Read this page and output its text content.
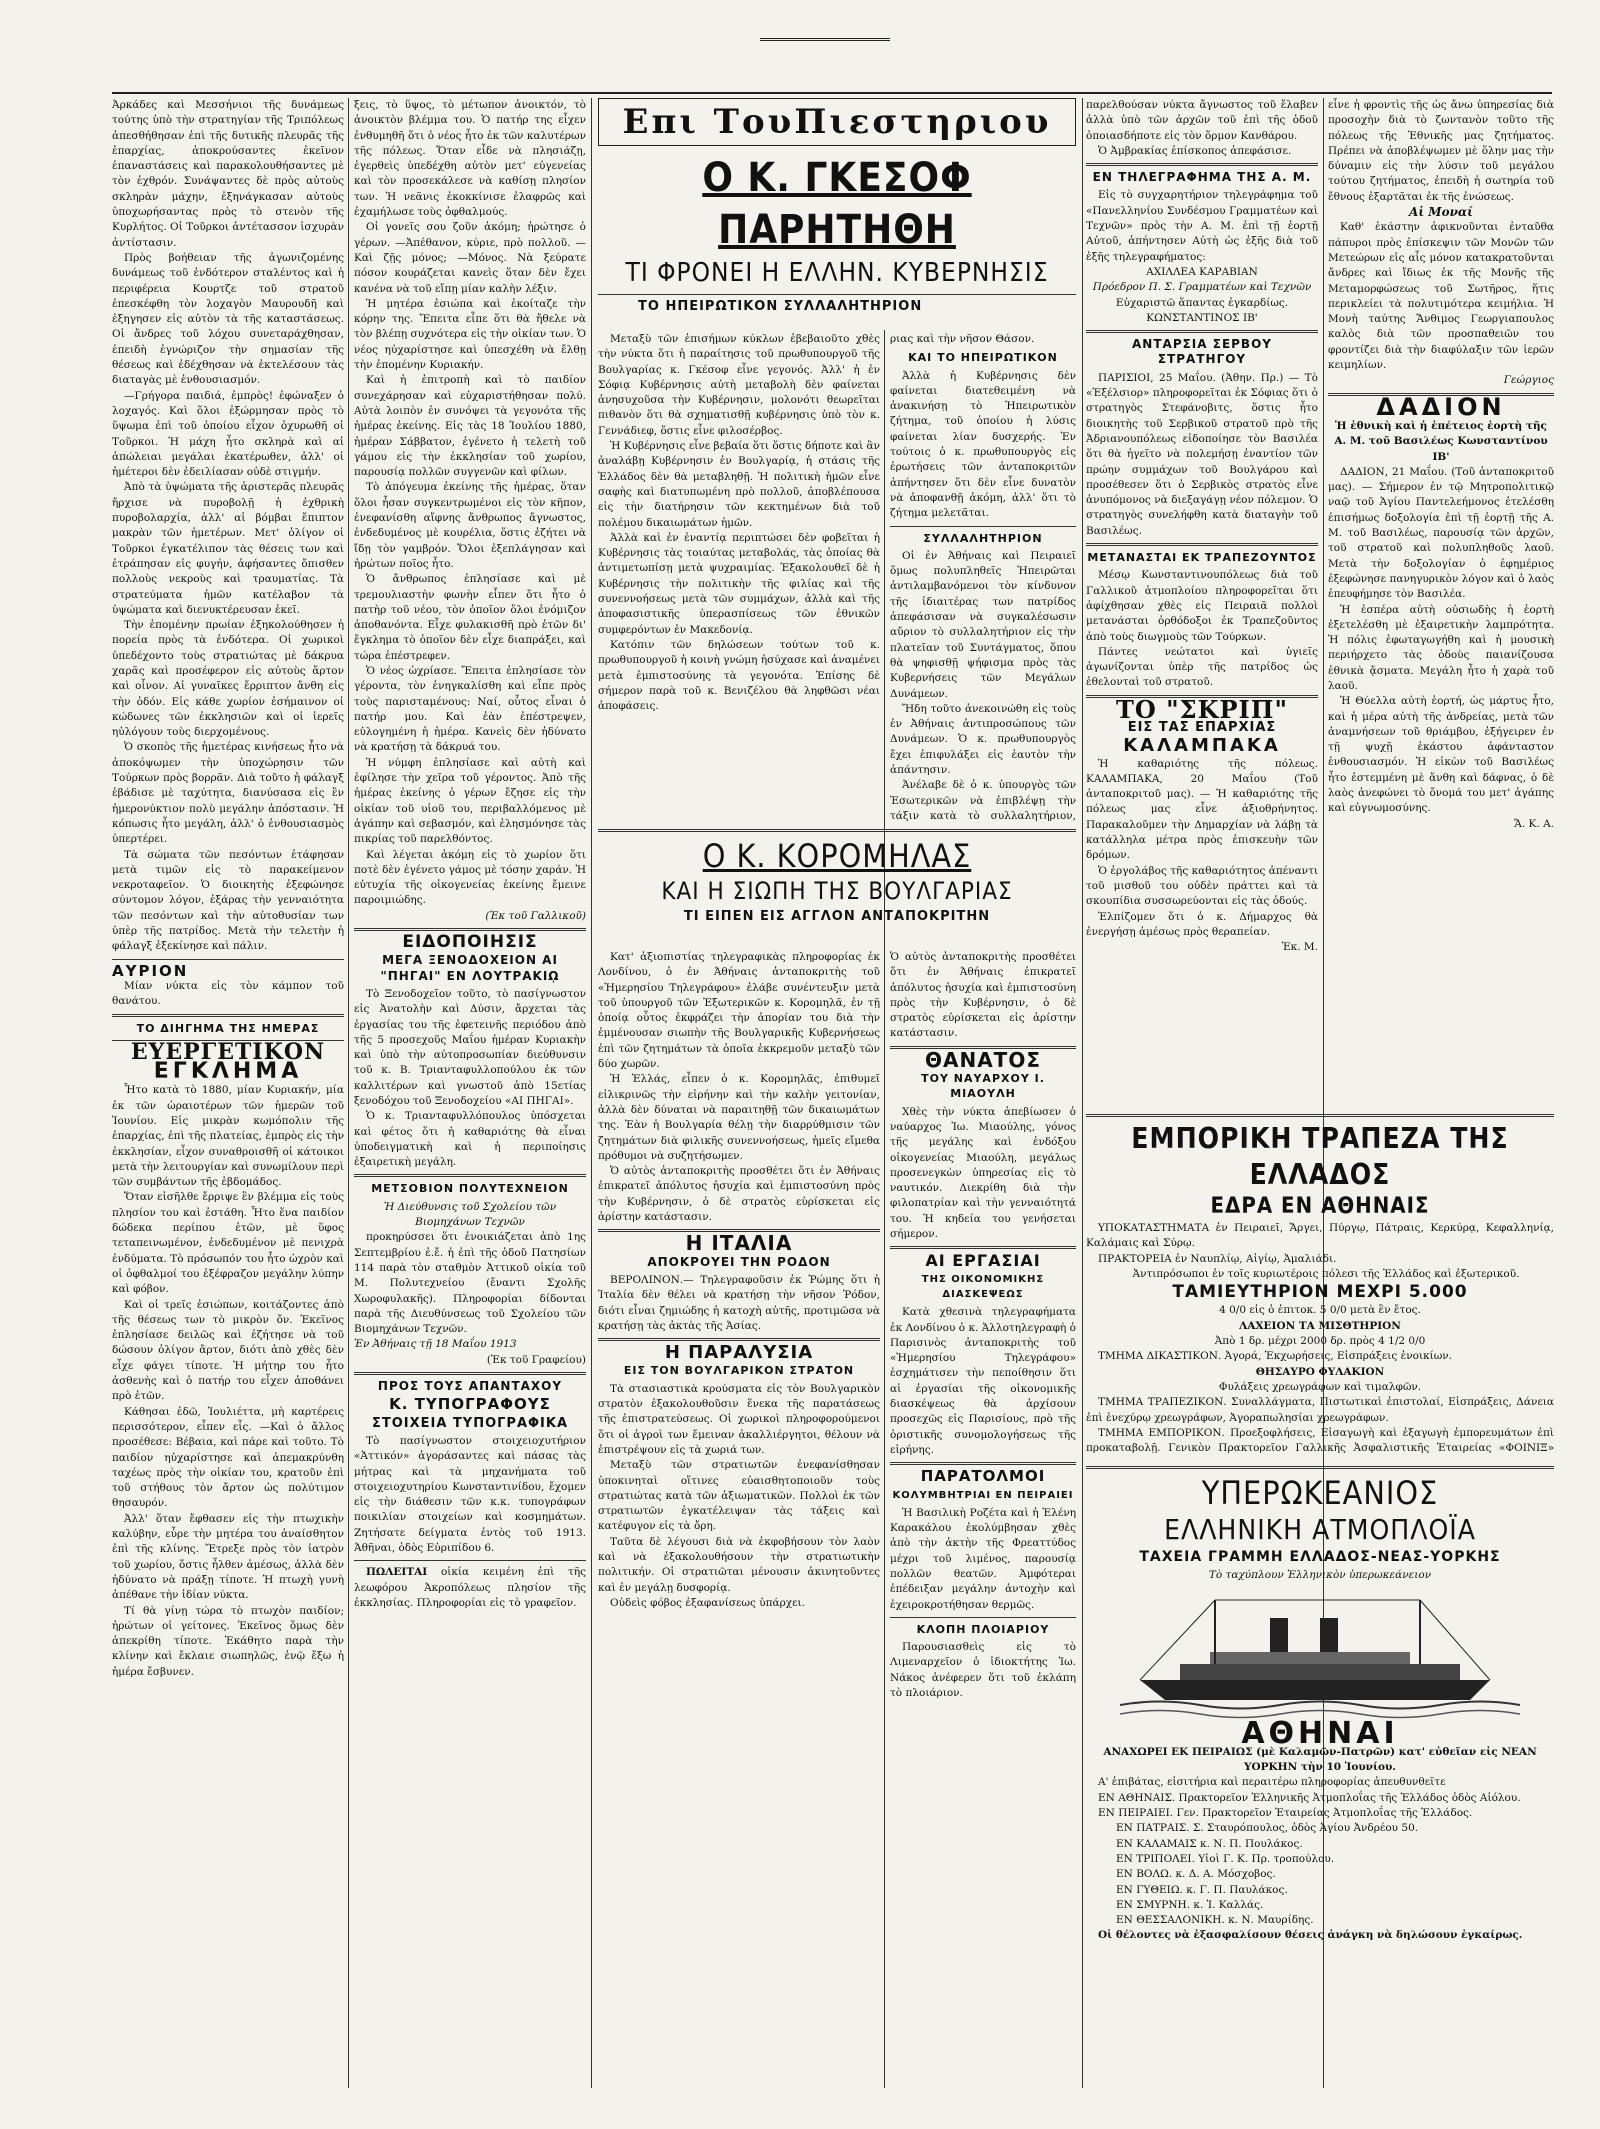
Ἀρκάδες καὶ Μεσσήνιοι τῆς δυνάμεως τούτης ὑπὸ τὴν στρατηγίαν τῆς Τριπόλεως ἀπεσθήθησαν ἐπὶ τῆς δυτικῆς πλευρᾶς τῆς ἐπαρχίας, ἀποκρούσαντες ἐκεῖνον ἐπαναστάσεις καὶ παρακολουθήσαντες μὲ τὸν ἐχθρόν. Συνάψαντες δὲ πρὸς αὐτοὺς σκληρὰν μάχην, ἐξηνάγκασαν αὐτοὺς ὑποχωρήσαντας πρὸς τὸ στενὸν τῆς Κυρλήτος. Οἱ Τοῦρκοι ἀντέτασσον ἰσχυρὰν ἀντίστασιν.

Πρὸς βοήθειαν τῆς ἀγωνιζομένης δυνάμεως τοῦ ἐνδότερον σταλέντος καὶ ἡ περιφέρεια Κουρτζε τοῦ στρατοῦ ἐπεσκέφθη τὸν λοχαγὸν Μαυρουδῆ καὶ ἐξηγησεν εἰς αὐτὸν τὰ τῆς καταστάσεως. Οἱ ἄνδρες τοῦ λόχου συνεταράχθησαν, ἐπειδὴ ἐγνώριζον τὴν σημασίαν τῆς θέσεως καὶ ἐδέχθησαν νὰ ἐκτελέσουν τὰς διαταγὰς μὲ ἐνθουσιασμόν.

—Γρήγορα παιδιά, ἐμπρὸς! ἐφώναξεν ὁ λοχαγός. Καὶ ὅλοι ἐξώρμησαν πρὸς τὸ ὕψωμα ἐπὶ τοῦ ὁποίου εἶχον ὀχυρωθῆ οἱ Τοῦρκοι. Ἡ μάχη ἦτο σκληρὰ καὶ αἱ ἀπώλειαι μεγάλαι ἑκατέρωθεν, ἀλλ' οἱ ἡμέτεροι δὲν ἐδειλίασαν οὐδὲ στιγμήν.

Ἀπὸ τὰ ὑψώματα τῆς ἀριστερᾶς πλευρᾶς ἤρχισε νὰ πυροβολῇ ἡ ἐχθρικὴ πυροβολαρχία, ἀλλ' αἱ βόμβαι ἔπιπτον μακρὰν τῶν ἡμετέρων. Μετ' ὀλίγον οἱ Τοῦρκοι ἐγκατέλιπον τὰς θέσεις των καὶ ἐτράπησαν εἰς φυγήν, ἀφήσαντες ὄπισθεν πολλοὺς νεκροὺς καὶ τραυματίας. Τὰ στρατεύματα ἡμῶν κατέλαβον τὰ ὑψώματα καὶ διενυκτέρευσαν ἐκεῖ.

Τὴν ἑπομένην πρωίαν ἐξηκολούθησεν ἡ πορεία πρὸς τὰ ἐνδότερα. Οἱ χωρικοὶ ὑπεδέχοντο τοὺς στρατιώτας μὲ δάκρυα χαρᾶς καὶ προσέφερον εἰς αὐτοὺς ἄρτον καὶ οἶνον. Αἱ γυναῖκες ἔρριπτον ἄνθη εἰς τὴν ὁδόν. Εἰς κάθε χωρίον ἐσήμαινον οἱ κώδωνες τῶν ἐκκλησιῶν καὶ οἱ ἱερεῖς ηὐλόγουν τοὺς διερχομένους.

Ὁ σκοπὸς τῆς ἡμετέρας κινήσεως ἦτο νὰ ἀποκόψωμεν τὴν ὑποχώρησιν τῶν Τούρκων πρὸς βορρᾶν. Διὰ τοῦτο ἡ φάλαγξ ἐβάδισε μὲ ταχύτητα, διανύσασα εἰς ἓν ἡμερονύκτιον πολὺ μεγάλην ἀπόστασιν. Ἡ κόπωσις ἦτο μεγάλη, ἀλλ' ὁ ἐνθουσιασμὸς ὑπερτέρει.

Τὰ σώματα τῶν πεσόντων ἐτάφησαν μετὰ τιμῶν εἰς τὸ παρακείμενον νεκροταφεῖον. Ὁ διοικητὴς ἐξεφώνησε σύντομον λόγον, ἐξάρας τὴν γενναιότητα τῶν πεσόντων καὶ τὴν αὐτοθυσίαν των ὑπὲρ τῆς πατρίδος. Μετὰ τὴν τελετὴν ἡ φάλαγξ ἐξεκίνησε καὶ πάλιν.

ΑΥΡΙΟΝ

Μίαν νύκτα εἰς τὸν κάμπον τοῦ θανάτου.

ΤΟ ΔΙΗΓΗΜΑ ΤΗΣ ΗΜΕΡΑΣ
ΕΥΕΡΓΕΤΙΚΟΝ
ΕΓΚΛΗΜΑ

Ἦτο κατὰ τὸ 1880, μίαν Κυριακήν, μία ἐκ τῶν ὡραιοτέρων τῶν ἡμερῶν τοῦ Ἰουνίου. Εἰς μικρὰν κωμόπολιν τῆς ἐπαρχίας, ἐπὶ τῆς πλατείας, ἐμπρὸς εἰς τὴν ἐκκλησίαν, εἶχον συναθροισθῆ οἱ κάτοικοι μετὰ τὴν λειτουργίαν καὶ συνωμίλουν περὶ τῶν συμβάντων τῆς ἑβδομάδος.

Ὅταν εἰσῆλθε ἔρριψε ἓν βλέμμα εἰς τοὺς πλησίον του καὶ ἐστάθη. Ἦτο ἕνα παιδίον δώδεκα περίπου ἐτῶν, μὲ ὕφος τεταπεινωμένον, ἐνδεδυμένον μὲ πενιχρὰ ἐνδύματα. Τὸ πρόσωπόν του ἦτο ὠχρὸν καὶ οἱ ὀφθαλμοί του ἐξέφραζον μεγάλην λύπην καὶ φόβον.

Καὶ οἱ τρεῖς ἐσιώπων, κοιτάζοντες ἀπὸ τῆς θέσεως των τὸ μικρὸν ὄν. Ἐκεῖνος ἐπλησίασε δειλῶς καὶ ἐζήτησε νὰ τοῦ δώσουν ὀλίγον ἄρτον, διότι ἀπὸ χθὲς δὲν εἶχε φάγει τίποτε. Ἡ μήτηρ του ἦτο ἀσθενὴς καὶ ὁ πατήρ του εἶχεν ἀποθάνει πρὸ ἐτῶν.

Κάθησαι ἐδῶ, Ἰουλιέττα, μὴ καρτέρεις περισσότερον, εἶπεν εἷς. —Καὶ ὁ ἄλλος προσέθεσε: Βέβαια, καὶ πάρε καὶ τοῦτο. Τὸ παιδίον ηὐχαρίστησε καὶ ἀπεμακρύνθη ταχέως πρὸς τὴν οἰκίαν του, κρατοῦν ἐπὶ τοῦ στήθους τὸν ἄρτον ὡς πολύτιμον θησαυρόν.

Ἀλλ' ὅταν ἔφθασεν εἰς τὴν πτωχικὴν καλύβην, εὗρε τὴν μητέρα του ἀναίσθητον ἐπὶ τῆς κλίνης. Ἔτρεξε πρὸς τὸν ἰατρὸν τοῦ χωρίου, ὅστις ἦλθεν ἀμέσως, ἀλλὰ δὲν ἠδύνατο νὰ πράξῃ τίποτε. Ἡ πτωχὴ γυνὴ ἀπέθανε τὴν ἰδίαν νύκτα.

Τί θὰ γίνῃ τώρα τὸ πτωχὸν παιδίον; ἠρώτων οἱ γείτονες. Ἐκεῖνος ὅμως δὲν ἀπεκρίθη τίποτε. Ἐκάθητο παρὰ τὴν κλίνην καὶ ἔκλαιε σιωπηλῶς, ἐνῷ ἔξω ἡ ἡμέρα ἔσβυνεν.

ξεις, τὸ ὕψος, τὸ μέτωπον ἀνοικτόν, τὸ ἀνοικτὸν βλέμμα του. Ὁ πατήρ της εἶχεν ἐνθυμηθῆ ὅτι ὁ νέος ἦτο ἐκ τῶν καλυτέρων τῆς πόλεως. Ὅταν εἶδε νὰ πλησιάζῃ, ἐγερθεὶς ὑπεδέχθη αὐτὸν μετ' εὐγενείας καὶ τὸν προσεκάλεσε νὰ καθίσῃ πλησίον των. Ἡ νεᾶνις ἐκοκκίνισε ἐλαφρῶς καὶ ἐχαμήλωσε τοὺς ὀφθαλμούς.

Οἱ γονεῖς σου ζοῦν ἀκόμη; ἠρώτησε ὁ γέρων. —Ἀπέθανον, κύριε, πρὸ πολλοῦ. —Καὶ ζῇς μόνος; —Μόνος. Νὰ ξεύρατε πόσον κουράζεται κανεὶς ὅταν δὲν ἔχει κανένα νὰ τοῦ εἴπῃ μίαν καλὴν λέξιν.

Ἡ μητέρα ἐσιώπα καὶ ἐκοίταζε τὴν κόρην της. Ἔπειτα εἶπε ὅτι θὰ ἤθελε νὰ τὸν βλέπῃ συχνότερα εἰς τὴν οἰκίαν των. Ὁ νέος ηὐχαρίστησε καὶ ὑπεσχέθη νὰ ἔλθῃ τὴν ἐπομένην Κυριακήν.

Καὶ ἡ ἐπιτροπὴ καὶ τὸ παιδίον συνεχάρησαν καὶ εὐχαριστήθησαν πολύ. Αὐτὰ λοιπὸν ἐν συνόψει τὰ γεγονότα τῆς ἡμέρας ἐκείνης. Εἰς τὰς 18 Ἰουλίου 1880, ἡμέραν Σάββατον, ἐγένετο ἡ τελετὴ τοῦ γάμου εἰς τὴν ἐκκλησίαν τοῦ χωρίου, παρουσίᾳ πολλῶν συγγενῶν καὶ φίλων.

Τὸ ἀπόγευμα ἐκείνης τῆς ἡμέρας, ὅταν ὅλοι ἦσαν συγκεντρωμένοι εἰς τὸν κῆπον, ἐνεφανίσθη αἴφνης ἄνθρωπος ἄγνωστος, ἐνδεδυμένος μὲ κουρέλια, ὅστις ἐζήτει νὰ ἴδῃ τὸν γαμβρόν. Ὅλοι ἐξεπλάγησαν καὶ ἠρώτων ποῖος ἦτο.

Ὁ ἄνθρωπος ἐπλησίασε καὶ μὲ τρεμουλιαστὴν φωνὴν εἶπεν ὅτι ἦτο ὁ πατὴρ τοῦ νέου, τὸν ὁποῖον ὅλοι ἐνόμιζον ἀποθανόντα. Εἶχε φυλακισθῆ πρὸ ἐτῶν δι' ἔγκλημα τὸ ὁποῖον δὲν εἶχε διαπράξει, καὶ τώρα ἐπέστρεφεν.

Ὁ νέος ὠχρίασε. Ἔπειτα ἐπλησίασε τὸν γέροντα, τὸν ἐνηγκαλίσθη καὶ εἶπε πρὸς τοὺς παρισταμένους: Ναί, οὗτος εἶναι ὁ πατήρ μου. Καὶ ἐὰν ἐπέστρεψεν, εὐλογημένη ἡ ἡμέρα. Κανεὶς δὲν ἠδύνατο νὰ κρατήσῃ τὰ δάκρυά του.

Ἡ νύμφη ἐπλησίασε καὶ αὐτὴ καὶ ἐφίλησε τὴν χεῖρα τοῦ γέροντος. Ἀπὸ τῆς ἡμέρας ἐκείνης ὁ γέρων ἔζησε εἰς τὴν οἰκίαν τοῦ υἱοῦ του, περιβαλλόμενος μὲ ἀγάπην καὶ σεβασμόν, καὶ ἐλησμόνησε τὰς πικρίας τοῦ παρελθόντος.

Καὶ λέγεται ἀκόμη εἰς τὸ χωρίον ὅτι ποτὲ δὲν ἐγένετο γάμος μὲ τόσην χαράν. Ἡ εὐτυχία τῆς οἰκογενείας ἐκείνης ἔμεινε παροιμιώδης.

(Ἐκ τοῦ Γαλλικοῦ)
ΕΙΔΟΠΟΙΗΣΙΣ
ΜΕΓΑ ΞΕΝΟΔΟΧΕΙΟΝ ΑΙ "ΠΗΓΑΙ" ΕΝ ΛΟΥΤΡΑΚΙῼ

Τὸ Ξενοδοχεῖον τοῦτο, τὸ πασίγνωστον εἰς Ἀνατολὴν καὶ Δύσιν, ἄρχεται τὰς ἐργασίας του τῆς ἐφετεινῆς περιόδου ἀπὸ τῆς 5 προσεχοῦς Μαΐου ἡμέραν Κυριακὴν καὶ ὑπὸ τὴν αὐτοπροσωπίαν διεύθυνσιν τοῦ κ. Β. Τριανταφυλλοπούλου ἐκ τῶν καλλιτέρων καὶ γνωστοῦ ἀπὸ 15ετίας ξενοδόχου τοῦ Ξενοδοχείου «ΑΙ ΠΗΓΑΙ».

Ὁ κ. Τριανταφυλλόπουλος ὑπόσχεται καὶ φέτος ὅτι ἡ καθαριότης θὰ εἶναι ὑποδειγματικὴ καὶ ἡ περιποίησις ἐξαιρετικὴ μεγάλη.

ΜΕΤΣΟΒΙΟΝ ΠΟΛΥΤΕΧΝΕΙΟΝ
Ἡ Διεύθυνσις τοῦ Σχολείου τῶν Βιομηχάνων Τεχνῶν

προκηρύσσει ὅτι ἐνοικιάζεται ἀπὸ 1ης Σεπτεμβρίου ἐ.ἔ. ἡ ἐπὶ τῆς ὁδοῦ Πατησίων 114 παρὰ τὸν σταθμὸν Ἀττικοῦ οἰκία τοῦ Μ. Πολυτεχνείου (ἔναντι Σχολῆς Χωροφυλακῆς). Πληροφορίαι δίδονται παρὰ τῆς Διευθύνσεως τοῦ Σχολείου τῶν Βιομηχάνων Τεχνῶν.

Ἐν Ἀθήναις τῇ 18 Μαΐου 1913
(Ἐκ τοῦ Γραφείου)
ΠΡΟΣ ΤΟΥΣ ΑΠΑΝΤΑΧΟΥ
Κ. ΤΥΠΟΓΡΑΦΟΥΣ
ΣΤΟΙΧΕΙΑ ΤΥΠΟΓΡΑΦΙΚΑ

Τὸ πασίγνωστον στοιχειοχυτήριον «Ἀττικόν» ἀγοράσαντες καὶ πάσας τὰς μήτρας καὶ τὰ μηχανήματα τοῦ στοιχειοχυτηρίου Κωνσταντινίδου, ἔχομεν εἰς τὴν διάθεσιν τῶν κ.κ. τυπογράφων ποικιλίαν στοιχείων καὶ κοσμημάτων. Ζητήσατε δείγματα ἐντὸς τοῦ 1913. Ἀθῆναι, ὁδὸς Εὐριπίδου 6.

ΠΩΛΕΙΤΑΙ οἰκία κειμένη ἐπὶ τῆς λεωφόρου Ἀκροπόλεως πλησίον τῆς ἐκκλησίας. Πληροφορίαι εἰς τὸ γραφεῖον.

Επι ΤουΠιεστηριου
Ο Κ. ΓΚΕΣΟΦ ΠΑΡΗΤΗΘΗ
ΤΙ ΦΡΟΝΕΙ Η ΕΛΛΗΝ. ΚΥΒΕΡΝΗΣΙΣ
ΤΟ ΗΠΕΙΡΩΤΙΚΟΝ ΣΥΛΛΑΛΗΤΗΡΙΟΝ

Μεταξὺ τῶν ἐπισήμων κύκλων ἐβεβαιοῦτο χθὲς τὴν νύκτα ὅτι ἡ παραίτησις τοῦ πρωθυπουργοῦ τῆς Βουλγαρίας κ. Γκέσοφ εἶνε γεγονός. Ἀλλ' ἡ ἐν Σόφιᾳ Κυβέρνησις αὐτὴ μεταβολὴ δὲν φαίνεται ἀνησυχοῦσα τὴν Κυβέρνησιν, μολονότι θεωρεῖται πιθανὸν ὅτι θὰ σχηματισθῇ κυβέρνησις ὑπὸ τὸν κ. Γεννάδιεφ, ὅστις εἶνε φιλοσέρβος.

Ἡ Κυβέρνησις εἶνε βεβαία ὅτι ὅστις δήποτε καὶ ἂν ἀναλάβῃ Κυβέρνησιν ἐν Βουλγαρίᾳ, ἡ στάσις τῆς Ἑλλάδος δὲν θὰ μεταβληθῇ. Ἡ πολιτικὴ ἡμῶν εἶνε σαφὴς καὶ διατυπωμένη πρὸ πολλοῦ, ἀποβλέπουσα εἰς τὴν διατήρησιν τῶν κεκτημένων διὰ τοῦ πολέμου δικαιωμάτων ἡμῶν.

Ἀλλὰ καὶ ἐν ἐναντίᾳ περιπτώσει δὲν φοβεῖται ἡ Κυβέρνησις τὰς τοιαύτας μεταβολάς, τὰς ὁποίας θὰ ἀντιμετωπίσῃ μετὰ ψυχραιμίας. Ἐξακολουθεῖ δὲ ἡ Κυβέρνησις τὴν πολιτικὴν τῆς φιλίας καὶ τῆς συνεννοήσεως μετὰ τῶν συμμάχων, ἀλλὰ καὶ τῆς ἀποφασιστικῆς ὑπερασπίσεως τῶν ἐθνικῶν συμφερόντων ἐν Μακεδονίᾳ.

Κατόπιν τῶν δηλώσεων τούτων τοῦ κ. πρωθυπουργοῦ ἡ κοινὴ γνώμη ἠσύχασε καὶ ἀναμένει μετὰ ἐμπιστοσύνης τὰ γεγονότα. Ἐπίσης δὲ σήμερον παρὰ τοῦ κ. Βενιζέλου θὰ ληφθῶσι νέαι ἀποφάσεις.

Ο Κ. ΚΟΡΟΜΗΛΑΣ
ΚΑΙ Η ΣΙΩΠΗ ΤΗΣ ΒΟΥΛΓΑΡΙΑΣ
ΤΙ ΕΙΠΕΝ ΕΙΣ ΑΓΓΛΟΝ ΑΝΤΑΠΟΚΡΙΤΗΝ

Κατ' ἀξιοπιστίας τηλεγραφικὰς πληροφορίας ἐκ Λονδίνου, ὁ ἐν Ἀθήναις ἀνταποκριτὴς τοῦ «Ἡμερησίου Τηλεγράφου» ἐλάβε συνέντευξιν μετὰ τοῦ ὑπουργοῦ τῶν Ἐξωτερικῶν κ. Κορομηλᾶ, ἐν τῇ ὁποίᾳ οὗτος ἐκφράζει τὴν ἀπορίαν του διὰ τὴν ἐμμένουσαν σιωπὴν τῆς Βουλγαρικῆς Κυβερνήσεως ἐπὶ τῶν ζητημάτων τὰ ὁποῖα ἐκκρεμοῦν μεταξὺ τῶν δύο χωρῶν.

Ἡ Ἑλλάς, εἶπεν ὁ κ. Κορομηλᾶς, ἐπιθυμεῖ εἰλικρινῶς τὴν εἰρήνην καὶ τὴν καλὴν γειτονίαν, ἀλλὰ δὲν δύναται νὰ παραιτηθῇ τῶν δικαιωμάτων της. Ἐὰν ἡ Βουλγαρία θέλῃ τὴν διαρρύθμισιν τῶν ζητημάτων διὰ φιλικῆς συνεννοήσεως, ἡμεῖς εἴμεθα πρόθυμοι νὰ συζητήσωμεν.

Ὁ αὐτὸς ἀνταποκριτὴς προσθέτει ὅτι ἐν Ἀθήναις ἐπικρατεῖ ἀπόλυτος ἡσυχία καὶ ἐμπιστοσύνη πρὸς τὴν Κυβέρνησιν, ὁ δὲ στρατὸς εὑρίσκεται εἰς ἀρίστην κατάστασιν.

Η ΙΤΑΛΙΑ
ΑΠΟΚΡΟΥΕΙ ΤΗΝ ΡΟΔΟΝ

ΒΕΡΟΛΙΝΟΝ.— Τηλεγραφοῦσιν ἐκ Ῥώμης ὅτι ἡ Ἰταλία δὲν θέλει νὰ κρατήσῃ τὴν νῆσον Ῥόδον, διότι εἶναι ζημιώδης ἡ κατοχὴ αὐτῆς, προτιμῶσα νὰ κρατήσῃ τὰς ἀκτὰς τῆς Ἀσίας.

Η ΠΑΡΑΛΥΣΙΑ
ΕΙΣ ΤΟΝ ΒΟΥΛΓΑΡΙΚΟΝ ΣΤΡΑΤΟΝ

Τὰ στασιαστικὰ κρούσματα εἰς τὸν Βουλγαρικὸν στρατὸν ἐξακολουθοῦσιν ἕνεκα τῆς παρατάσεως τῆς ἐπιστρατεύσεως. Οἱ χωρικοὶ πληροφορούμενοι ὅτι οἱ ἀγροὶ των ἔμειναν ἀκαλλιέργητοι, θέλουν νὰ ἐπιστρέψουν εἰς τὰ χωριά των.

Μεταξὺ τῶν στρατιωτῶν ἐνεφανίσθησαν ὑποκινηταὶ οἵτινες εὐαισθητοποιοῦν τοὺς στρατιώτας κατὰ τῶν ἀξιωματικῶν. Πολλοὶ ἐκ τῶν στρατιωτῶν ἐγκατέλειψαν τὰς τάξεις καὶ κατέφυγον εἰς τὰ ὄρη.

Ταῦτα δὲ λέγουσι διὰ νὰ ἐκφοβήσουν τὸν λαὸν καὶ νὰ ἐξακολουθήσουν τὴν στρατιωτικὴν πολιτικήν. Οἱ στρατιῶται μένουσιν ἀκινητοῦντες καὶ ἐν μεγάλῃ δυσφορίᾳ.

Οὐδεὶς φόβος ἐξαφανίσεως ὑπάρχει.

ριας καὶ τὴν νῆσον Θάσον.

ΚΑΙ ΤΟ ΗΠΕΙΡΩΤΙΚΟΝ

Ἀλλὰ ἡ Κυβέρνησις δὲν φαίνεται διατεθειμένη νὰ ἀνακινήσῃ τὸ Ἠπειρωτικὸν ζήτημα, τοῦ ὁποίου ἡ λύσις φαίνεται λίαν δυσχερής. Ἐν τούτοις ὁ κ. πρωθυπουργὸς εἰς ἐρωτήσεις τῶν ἀνταποκριτῶν ἀπήντησεν ὅτι δὲν εἶνε δυνατὸν νὰ ἀποφανθῇ ἀκόμη, ἀλλ' ὅτι τὸ ζήτημα μελετᾶται.

ΣΥΛΛΑΛΗΤΗΡΙΟΝ

Οἱ ἐν Ἀθήναις καὶ Πειραιεῖ ὅμως πολυπληθεῖς Ἠπειρῶται ἀντιλαμβανόμενοι τὸν κίνδυνον τῆς ἰδιαιτέρας των πατρίδος ἀπεφάσισαν νὰ συγκαλέσωσιν αὔριον τὸ συλλαλητήριον εἰς τὴν πλατεῖαν τοῦ Συντάγματος, ὅπου θὰ ψηφισθῇ ψήφισμα πρὸς τὰς Κυβερνήσεις τῶν Μεγάλων Δυνάμεων.

Ἤδη τοῦτο ἀνεκοινώθη εἰς τοὺς ἐν Ἀθήναις ἀντιπροσώπους τῶν Δυνάμεων. Ὁ κ. πρωθυπουργὸς ἔχει ἐπιφυλάξει εἰς ἑαυτὸν τὴν ἀπάντησιν.

Ἀνέλαβε δὲ ὁ κ. ὑπουργὸς τῶν Ἐσωτερικῶν νὰ ἐπιβλέψῃ τὴν τάξιν κατὰ τὸ συλλαλητήριον,

Ὁ αὐτὸς ἀνταποκριτὴς προσθέτει ὅτι ἐν Ἀθήναις ἐπικρατεῖ ἀπόλυτος ἡσυχία καὶ ἐμπιστοσύνη πρὸς τὴν Κυβέρνησιν, ὁ δὲ στρατὸς εὑρίσκεται εἰς ἀρίστην κατάστασιν.

ΘΑΝΑΤΟΣ
ΤΟΥ ΝΑΥΑΡΧΟΥ Ι. ΜΙΑΟΥΛΗ

Χθὲς τὴν νύκτα ἀπεβίωσεν ὁ ναύαρχος Ἰω. Μιαούλης, γόνος τῆς μεγάλης καὶ ἐνδόξου οἰκογενείας Μιαούλη, μεγάλως προσενεγκὼν ὑπηρεσίας εἰς τὸ ναυτικόν. Διεκρίθη διὰ τὴν φιλοπατρίαν καὶ τὴν γενναιότητά του. Ἡ κηδεία του γενήσεται σήμερον.

ΑΙ ΕΡΓΑΣΙΑΙ
ΤΗΣ ΟΙΚΟΝΟΜΙΚΗΣ ΔΙΑΣΚΕΨΕΩΣ

Κατὰ χθεσινὰ τηλεγραφήματα ἐκ Λονδίνου ὁ κ. Ἀλλοτηλεγραφὴ ὁ Παρισινὸς ἀνταποκριτὴς τοῦ «Ἡμερησίου Τηλεγράφου» ἐσχημάτισεν τὴν πεποίθησιν ὅτι αἱ ἐργασίαι τῆς οἰκονομικῆς διασκέψεως θὰ ἀρχίσουν προσεχῶς εἰς Παρισίους, πρὸ τῆς ὁριστικῆς συνομολογήσεως τῆς εἰρήνης.

ΠΑΡΑΤΟΛΜΟΙ
ΚΟΛΥΜΒΗΤΡΙΑΙ ΕΝ ΠΕΙΡΑΙΕΙ

Ἡ Βασιλικὴ Ροζέτα καὶ ἡ Ἑλένη Καρακάλου ἐκολύμβησαν χθὲς ἀπὸ τὴν ἀκτὴν τῆς Φρεαττύδος μέχρι τοῦ λιμένος, παρουσίᾳ πολλῶν θεατῶν. Ἀμφότεραι ἐπέδειξαν μεγάλην ἀντοχὴν καὶ ἐχειροκροτήθησαν θερμῶς.

ΚΛΟΠΗ ΠΛΟΙΑΡΙΟΥ

Παρουσιασθεὶς εἰς τὸ Λιμεναρχεῖον ὁ ἰδιοκτήτης Ἰω. Νάκος ἀνέφερεν ὅτι τοῦ ἐκλάπη τὸ πλοιάριον.

παρελθούσαν νύκτα ἄγνωστος τοῦ ἔλαβεν ἀλλὰ ὑπὸ τῶν ἀρχῶν τοῦ ἐπὶ τῆς ὁδοῦ ὁποιασδήποτε εἰς τὸν ὅρμον Κανθάρου.

Ὁ Ἀμβρακίας ἐπίσκοπος ἀπεφάσισε.

ΕΝ ΤΗΛΕΓΡΑΦΗΜΑ ΤΗΣ Α. Μ.

Εἰς τὸ συγχαρητήριον τηλεγράφημα τοῦ «Πανελληνίου Συνδέσμου Γραμματέων καὶ Τεχνῶν» πρὸς τὴν Α. Μ. ἐπὶ τῇ ἑορτῇ Αὐτοῦ, ἀπήντησεν Αὐτὴ ὡς ἑξῆς διὰ τοῦ ἑξῆς τηλεγραφήματος:

ΑΧΙΛΛΕΑ ΚΑΡΑΒΙΑΝ
Πρόεδρον Π. Σ. Γραμματέων καὶ Τεχνῶν
Εὐχαριστῶ ἅπαντας ἐγκαρδίως.
ΚΩΝΣΤΑΝΤΙΝΟΣ ΙΒ'
ΑΝΤΑΡΣΙΑ ΣΕΡΒΟΥ ΣΤΡΑΤΗΓΟΥ

ΠΑΡΙΣΙΟΙ, 25 Μαΐου. (Ἀθην. Πρ.) — Τὸ «Ἐξέλσιορ» πληροφορεῖται ἐκ Σόφιας ὅτι ὁ στρατηγὸς Στεφάνοβιτς, ὅστις ἦτο διοικητὴς τοῦ Σερβικοῦ στρατοῦ πρὸ τῆς Ἀδριανουπόλεως εἰδοποίησε τὸν Βασιλέα ὅτι θὰ ἠγεῖτο νὰ πολεμήσῃ ἐναντίον τῶν πρώην συμμάχων τοῦ Βουλγάρου καὶ προσέθεσεν ὅτι ὁ Σερβικὸς στρατὸς εἶνε ἀνυπόμονος νὰ διεξαγάγῃ νέον πόλεμον. Ὁ στρατηγὸς συνελήφθη κατὰ διαταγὴν τοῦ Βασιλέως.

ΜΕΤΑΝΑΣΤΑΙ ΕΚ ΤΡΑΠΕΖΟΥΝΤΟΣ

Μέσῳ Κωνσταντινουπόλεως διὰ τοῦ Γαλλικοῦ ἀτμοπλοίου πληροφορεῖται ὅτι ἀφίχθησαν χθὲς εἰς Πειραιᾶ πολλοὶ μετανάσται ὀρθόδοξοι ἐκ Τραπεζοῦντος ἀπὸ τοὺς διωγμοὺς τῶν Τούρκων.

Πάντες νεώτατοι καὶ ὑγιεῖς ἀγωνίζονται ὑπὲρ τῆς πατρίδος ὡς ἐθελονταὶ τοῦ στρατοῦ.

ΤΟ "ΣΚΡΙΠ"
ΕΙΣ ΤΑΣ ΕΠΑΡΧΙΑΣ
ΚΑΛΑΜΠΑΚΑ

Ἡ καθαριότης τῆς πόλεως. ΚΑΛΑΜΠΑΚΑ, 20 Μαΐου (Τοῦ ἀνταποκριτοῦ μας). — Ἡ καθαριότης τῆς πόλεως μας εἶνε ἀξιοθρήνητος. Παρακαλοῦμεν τὴν Δημαρχίαν νὰ λάβῃ τὰ κατάλληλα μέτρα πρὸς ἐπισκευὴν τῶν δρόμων.

Ὁ ἐργολάβος τῆς καθαριότητος ἀπέναντι τοῦ μισθοῦ του οὐδὲν πράττει καὶ τὰ σκουπίδια συσσωρεύονται εἰς τὰς ὁδούς.

Ἐλπίζομεν ὅτι ὁ κ. Δήμαρχος θὰ ἐνεργήσῃ ἀμέσως πρὸς θεραπείαν.

Ἐκ. Μ.

εἶνε ἡ φροντὶς τῆς ὡς ἄνω ὑπηρεσίας διὰ προσοχὴν διὰ τὸ ζωντανὸν τοῦτο τῆς πόλεως τῆς Ἐθνικῆς μας ζητήματος. Πρέπει νὰ ἀποβλέψωμεν μὲ ὅλην μας τὴν δύναμιν εἰς τὴν λύσιν τοῦ μεγάλου τούτου ζητήματος, ἐπειδὴ ἡ σωτηρία τοῦ ἔθνους ἐξαρτᾶται ἐκ τῆς ἐνώσεως.

Αἱ Μοναί

Καθ' ἑκάστην ἀφικνοῦνται ἐνταῦθα πάπυροι πρὸς ἐπίσκεψιν τῶν Μονῶν τῶν Μετεώρων εἰς αἷς μόνον κατακρατοῦνται ἄνδρες καὶ ἴδιως ἐκ τῆς Μονῆς τῆς Μεταμορφώσεως τοῦ Σωτῆρος, ἥτις περικλείει τὰ πολυτιμότερα κειμήλια. Ἡ Μονὴ ταύτης Ἄνθιμος Γεωργιαπουλος καλὸς διὰ τῶν προσπαθειῶν του φροντίζει διὰ τὴν διαφύλαξιν τῶν ἱερῶν κειμηλίων.

Γεώργιος
ΔΑΔΙΟΝ
Ἡ ἐθνικὴ καὶ ἡ ἐπέτειος ἑορτὴ τῆς Α. Μ. τοῦ Βασιλέως Κωνσταντίνου ΙΒ'

ΔΑΔΙΟΝ, 21 Μαΐου. (Τοῦ ἀνταποκριτοῦ μας). — Σήμερον ἐν τῷ Μητροπολιτικῷ ναῷ τοῦ Ἁγίου Παντελεήμονος ἐτελέσθη ἐπισήμως δοξολογία ἐπὶ τῇ ἑορτῇ τῆς Α. Μ. τοῦ Βασιλέως, παρουσίᾳ τῶν ἀρχῶν, τοῦ στρατοῦ καὶ πολυπληθοῦς λαοῦ. Μετὰ τὴν δοξολογίαν ὁ ἐφημέριος ἐξεφώνησε πανηγυρικὸν λόγον καὶ ὁ λαὸς ἐπευφήμησε τὸν Βασιλέα.

Ἡ ἐσπέρα αὐτὴ οὐσιωδὴς ἡ ἑορτὴ ἐξετελέσθη μὲ ἐξαιρετικὴν λαμπρότητα. Ἡ πόλις ἐφωταγωγήθη καὶ ἡ μουσικὴ περιήρχετο τὰς ὁδοὺς παιανίζουσα ἐθνικὰ ᾄσματα. Μεγάλη ἦτο ἡ χαρὰ τοῦ λαοῦ.

Ἡ Θύελλα αὐτὴ ἑορτή, ὡς μάρτυς ἦτο, καὶ ἡ μέρα αὐτὴ τῆς ἀνδρείας, μετὰ τῶν ἀναμνήσεων τοῦ θριάμβου, ἐξήγειρεν ἐν τῇ ψυχῇ ἑκάστου ἀφάνταστον ἐνθουσιασμόν. Ἡ εἰκὼν τοῦ Βασιλέως ἦτο ἐστεμμένη μὲ ἄνθη καὶ δάφνας, ὁ δὲ λαὸς ἀνεφώνει τὸ ὄνομά του μετ' ἀγάπης καὶ εὐγνωμοσύνης.

Ἄ. Κ. Α.
ΕΜΠΟΡΙΚΗ ΤΡΑΠΕΖΑ ΤΗΣ ΕΛΛΑΔΟΣ
ΕΔΡΑ ΕΝ ΑΘΗΝΑΙΣ

ΥΠΟΚΑΤΑΣΤΗΜΑΤΑ ἐν Πειραιεῖ, Ἄργει, Πύργῳ, Πάτραις, Κερκύρᾳ, Κεφαλληνίᾳ, Καλάμαις καὶ Σύρῳ.

ΠΡΑΚΤΟΡΕΙΑ ἐν Ναυπλίῳ, Αἰγίῳ, Ἀμαλιάδι.

Ἀντιπρόσωποι ἐν τοῖς κυριωτέροις πόλεσι τῆς Ἑλλάδος καὶ ἐξωτερικοῦ.

ΤΑΜΙΕΥΤΗΡΙΟΝ ΜΕΧΡΙ 5.000
4 0/0 εἰς ὁ ἐπιτοκ. 5 0/0 μετὰ ἓν ἔτος.
ΛΑΧΕΙΟΝ ΤΑ ΜΙΣΘΤΗΡΙΟΝ
Ἀπὸ 1 δρ. μέχρι 2000 δρ. πρὸς 4 1/2 0/0

ΤΜΗΜΑ ΔΙΚΑΣΤΙΚΟΝ. Ἀγορά, Ἐκχωρήσεις, Εἰσπράξεις ἐνοικίων.

ΘΗΣΑΥΡΟ ΦΥΛΑΚΙΟΝ
Φυλάξεις χρεωγράφων καὶ τιμαλφῶν.

ΤΜΗΜΑ ΤΡΑΠΕΖΙΚΟΝ. Συναλλάγματα, Πιστωτικαὶ ἐπιστολαί, Εἰσπράξεις, Δάνεια ἐπὶ ἐνεχύρῳ χρεωγράφων, Ἀγοραπωλησίαι χρεωγράφων.

ΤΜΗΜΑ ΕΜΠΟΡΙΚΟΝ. Προεξοφλήσεις, Εἰσαγωγὴ καὶ ἐξαγωγὴ ἐμπορευμάτων ἐπὶ προκαταβολῇ. Γενικὸν Πρακτορεῖον Γαλλικῆς Ἀσφαλιστικῆς Ἑταιρείας «ΦΟΙΝΙΞ»

ΥΠΕΡΩΚΕΑΝΙΟΣ
ΕΛΛΗΝΙΚΗ ΑΤΜΟΠΛΟΪΑ
ΤΑΧΕΙΑ ΓΡΑΜΜΗ ΕΛΛΑΔΟΣ-ΝΕΑΣ-ΥΟΡΚΗΣ
Τὸ ταχύπλουν Ἑλληνικὸν ὑπερωκεάνειον
ΑΘΗΝΑΙ

ΑΝΑΧΩΡΕΙ ΕΚ ΠΕΙΡΑΙΩΣ (μὲ Καλαμῶν-Πατρῶν) κατ' εὐθεῖαν εἰς ΝΕΑΝ ΥΟΡΚΗΝ τὴν 10 Ἰουνίου.

Α' ἐπιβάτας, εἰσιτήρια καὶ περαιτέρω πληροφορίας ἀπευθυνθεῖτε

ΕΝ ΑΘΗΝΑΙΣ. Πρακτορεῖον Ἑλληνικῆς Ἀτμοπλοΐας τῆς Ἑλλάδος ὁδὸς Αἰόλου.

ΕΝ ΠΕΙΡΑΙΕΙ. Γεν. Πρακτορεῖον Ἑταιρείας Ἀτμοπλοΐας τῆς Ἑλλάδος.

ΕΝ ΠΑΤΡΑΙΣ. Σ. Σταυρόπουλος, ὁδὸς Ἀγίου Ἀνδρέου 50.
ΕΝ ΚΑΛΑΜΑΙΣ κ. Ν. Π. Πουλάκος.
ΕΝ ΤΡΙΠΟΛΕΙ. Υἱοὶ Γ. Κ. Πρ. τροπούλου.
ΕΝ ΒΟΛΩ. κ. Δ. Α. Μόσχοβος.
ΕΝ ΓΥΘΕΙΩ. κ. Γ. Π. Παυλάκος.
ΕΝ ΣΜΥΡΝΗ. κ. Ἰ. Καλλάς.
ΕΝ ΘΕΣΣΑΛΟΝΙΚΗ. κ. Ν. Μαυρίδης.

Οἱ θέλοντες νὰ ἐξασφαλίσουν θέσεις ἀνάγκη νὰ δηλώσουν ἐγκαίρως.
